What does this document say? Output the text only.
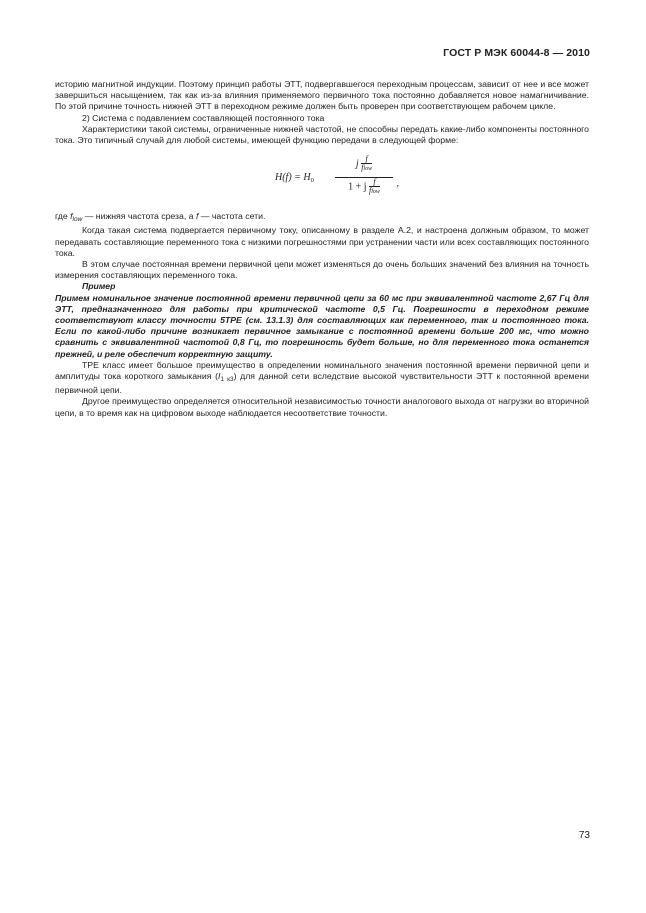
ГОСТ Р МЭК 60044-8 — 2010

историю магнитной индукции. Поэтому принцип работы ЭТТ, подвергавшегося переходным процессам, зависит от нее и все может завершиться насыщением, так как из-за влияния применяемого первичного тока постоянно добавляется новое намагничивание. По этой причине точность нижней ЭТТ в переходном режиме должен быть проверен при соответствующем рабочем цикле.

2) Система с подавлением составляющей постоянного тока

Характеристики такой системы, ограниченные нижней частотой, не способны передать какие-либо компоненты постоянного тока. Это типичный случай для любой системы, имеющей функцию передачи в следующей форме:

$H(f) = H_0$
j $\frac{f}{\text{flow}}$
1 + j $\frac{f}{\text{flow}}$ ,

где $f_{low}$ — нижняя частота среза, а f — частота сети.

Когда такая система подвергается первичному току, описанному в разделе А.2, и настроена должным образом, то может передавать составляющие переменного тока с низкими погрешностями при устранении части или всех составляющих постоянного тока.

В этом случае постоянная времени первичной цепи может изменяться до очень больших значений без влияния на точность измерения составляющих переменного тока.

Пример

Примем номинальное значение постоянной времени первичной цепи за 60 мс при эквивалентной частоте 2,67 Гц для ЭТТ, предназначенного для работы при критической частоте 0,5 Гц. Погрешности в переходном режиме соответствуют классу точности 5TPE (см. 13.1.3) для составляющих как переменного, так и постоянного тока. Если по какой-либо причине возникает первичное замыкание с постоянной времени больше 200 мс, что можно сравнить с эквивалентной частотой 0,8 Гц, то погрешность будет больше, но для переменного тока останется прежней, и реле обеспечит корректную защиту.

TPE класс имеет большое преимущество в определении номинального значения постоянной времени первичной цепи и амплитуды тока короткого замыкания $(I_{1 к3})$ для данной сети вследствие высокой чувствительности ЭТТ к постоянной времени первичной цепи.

Другое преимущество определяется относительной независимостью точности аналогового выхода от нагрузки во вторичной цепи, в то время как на цифровом выходе наблюдается несоответствие точности.

73
